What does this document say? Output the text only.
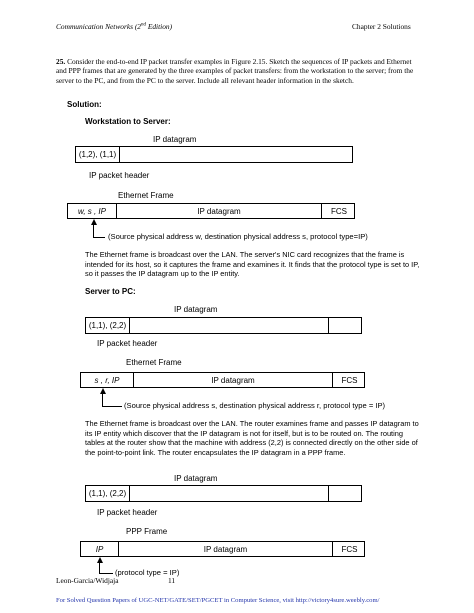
Communication Networks (2nd Edition)	Chapter 2 Solutions
25. Consider the end-to-end IP packet transfer examples in Figure 2.15. Sketch the sequences of IP packets and Ethernet and PPP frames that are generated by the three examples of packet transfers: from the workstation to the server; from the server to the PC, and from the PC to the server. Include all relevant header information in the sketch.
Solution:
Workstation to Server:
IP datagram
(1,2), (1,1)
IP packet header
Ethernet Frame
w, s , IP	IP datagram	FCS
(Source physical address w, destination physical address s, protocol type=IP)
The Ethernet frame is broadcast over the LAN. The server's NIC card recognizes that the frame is intended for its host, so it captures the frame and examines it. It finds that the protocol type is set to IP, so it passes the IP datagram up to the IP entity.
Server to PC:
IP datagram
(1,1), (2,2)
IP packet header
Ethernet Frame
s , r, IP	IP datagram	FCS
(Source physical address s, destination physical address r, protocol type = IP)
The Ethernet frame is broadcast over the LAN. The router examines frame and passes IP datagram to its IP entity which discover that the IP datagram is not for itself, but is to be routed on. The routing tables at the router show that the machine with address (2,2) is connected directly on the other side of the point-to-point link. The router encapsulates the IP datagram in a PPP frame.
IP datagram
(1,1), (2,2)
IP packet header
PPP Frame
IP	IP datagram	FCS
(protocol type = IP)
Leon-Garcia/Widjaja	11
For Solved Question Papers of UGC-NET/GATE/SET/PGCET in Computer Science, visit http://victory4sure.weebly.com/
